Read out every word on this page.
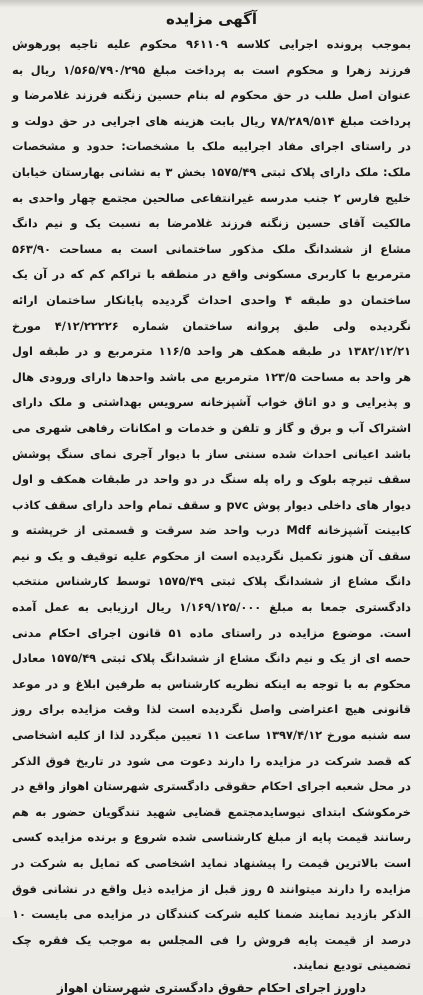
آگهی مزایده
بموجب پرونده اجرایی کلاسه ۹۶۱۱۰۹ محکوم علیه تاجیه پورهوش فرزند زهرا و محکوم است به پرداخت مبلغ ۱/۵۶۵/۷۹۰/۲۹۵ ریال به عنوان اصل طلب در حق محکوم له بنام حسین زنگنه فرزند غلامرضا و پرداخت مبلغ ۷۸/۲۸۹/۵۱۴ ریال بابت هزینه های اجرایی در حق دولت و در راستای اجرای مفاد اجراییه ملک با مشخصات: حدود و مشخصات ملک: ملک دارای پلاک ثبتی ۱۵۷۵/۴۹ بخش ۳ به نشانی بهارستان خیابان خلیج فارس ۲ جنب مدرسه غیرانتفاعی صالحین مجتمع چهار واحدی به مالکیت آقای حسین زنگنه فرزند غلامرضا به نسبت یک و نیم دانگ مشاع از ششدانگ ملک مذکور ساختمانی است به مساحت ۵۶۳/۹۰ مترمربع با کاربری مسکونی واقع در منطقه با تراکم کم که در آن یک ساختمان دو طبقه ۴ واحدی احداث گردیده پایانکار ساختمان ارائه نگردیده ولی طبق پروانه ساختمان شماره ۴/۱۲/۲۲۲۲۶ مورخ ۱۳۸۲/۱۲/۲۱ در طبقه همکف هر واحد ۱۱۶/۵ مترمربع و در طبقه اول هر واحد به مساحت ۱۲۳/۵ مترمربع می باشد واحدها دارای ورودی هال و پذیرایی و دو اتاق خواب آشپزخانه سرویس بهداشتی و ملک دارای اشتراک آب و برق و گاز و تلفن و خدمات و امکانات رفاهی شهری می باشد اعیانی احداث شده سنتی ساز با دیوار آجری نمای سنگ پوشش سقف تیرچه بلوک و راه پله سنگ در دو واحد در طبقات همکف و اول دیوار های داخلی دیوار پوش pvc و سقف تمام واحد دارای سقف کاذب کابینت آشپزخانه Mdf درب واحد ضد سرقت و قسمتی از خرپشته و سقف آن هنوز تکمیل نگردیده است از محکوم علیه توقیف و یک و نیم دانگ مشاع از ششدانگ پلاک ثبتی ۱۵۷۵/۴۹ توسط کارشناس منتخب دادگستری جمعا به مبلغ ۱/۱۶۹/۱۲۵/۰۰۰ ریال ارزیابی به عمل آمده است. موضوع مزایده در راستای ماده ۵۱ قانون اجرای احکام مدنی حصه ای از یک و نیم دانگ مشاع از ششدانگ پلاک ثبتی ۱۵۷۵/۴۹ معادل محکوم به با توجه به اینکه نظریه کارشناس به طرفین ابلاغ و در موعد قانونی هیچ اعتراضی واصل نگردیده است لذا وقت مزایده برای روز سه شنبه مورخ ۱۳۹۷/۴/۱۲ ساعت ۱۱ تعیین میگردد لذا از کلیه اشخاصی که قصد شرکت در مزایده را دارند دعوت می شود در تاریخ فوق الذکر در محل شعبه اجرای احکام حقوقی دادگستری شهرستان اهواز واقع در خرمکوشک ابتدای نیوسایدمجتمع قضایی شهید تندگویان حضور به هم رسانند قیمت پایه از مبلغ کارشناسی شده شروع و برنده مزایده کسی است بالاترین قیمت را پیشنهاد نماید اشخاصی که تمایل به شرکت در مزایده را دارند میتوانند ۵ روز قبل از مزایده ذیل واقع در نشانی فوق الذکر بازدید نمایند ضمنا کلیه شرکت کنندگان در مزایده می بایست ۱۰ درصد از قیمت پایه فروش را فی المجلس به موجب یک فقره چک تضمینی تودیع نمایند.
داورز اجرای احکام حقوق دادگستری شهرستان اهواز
